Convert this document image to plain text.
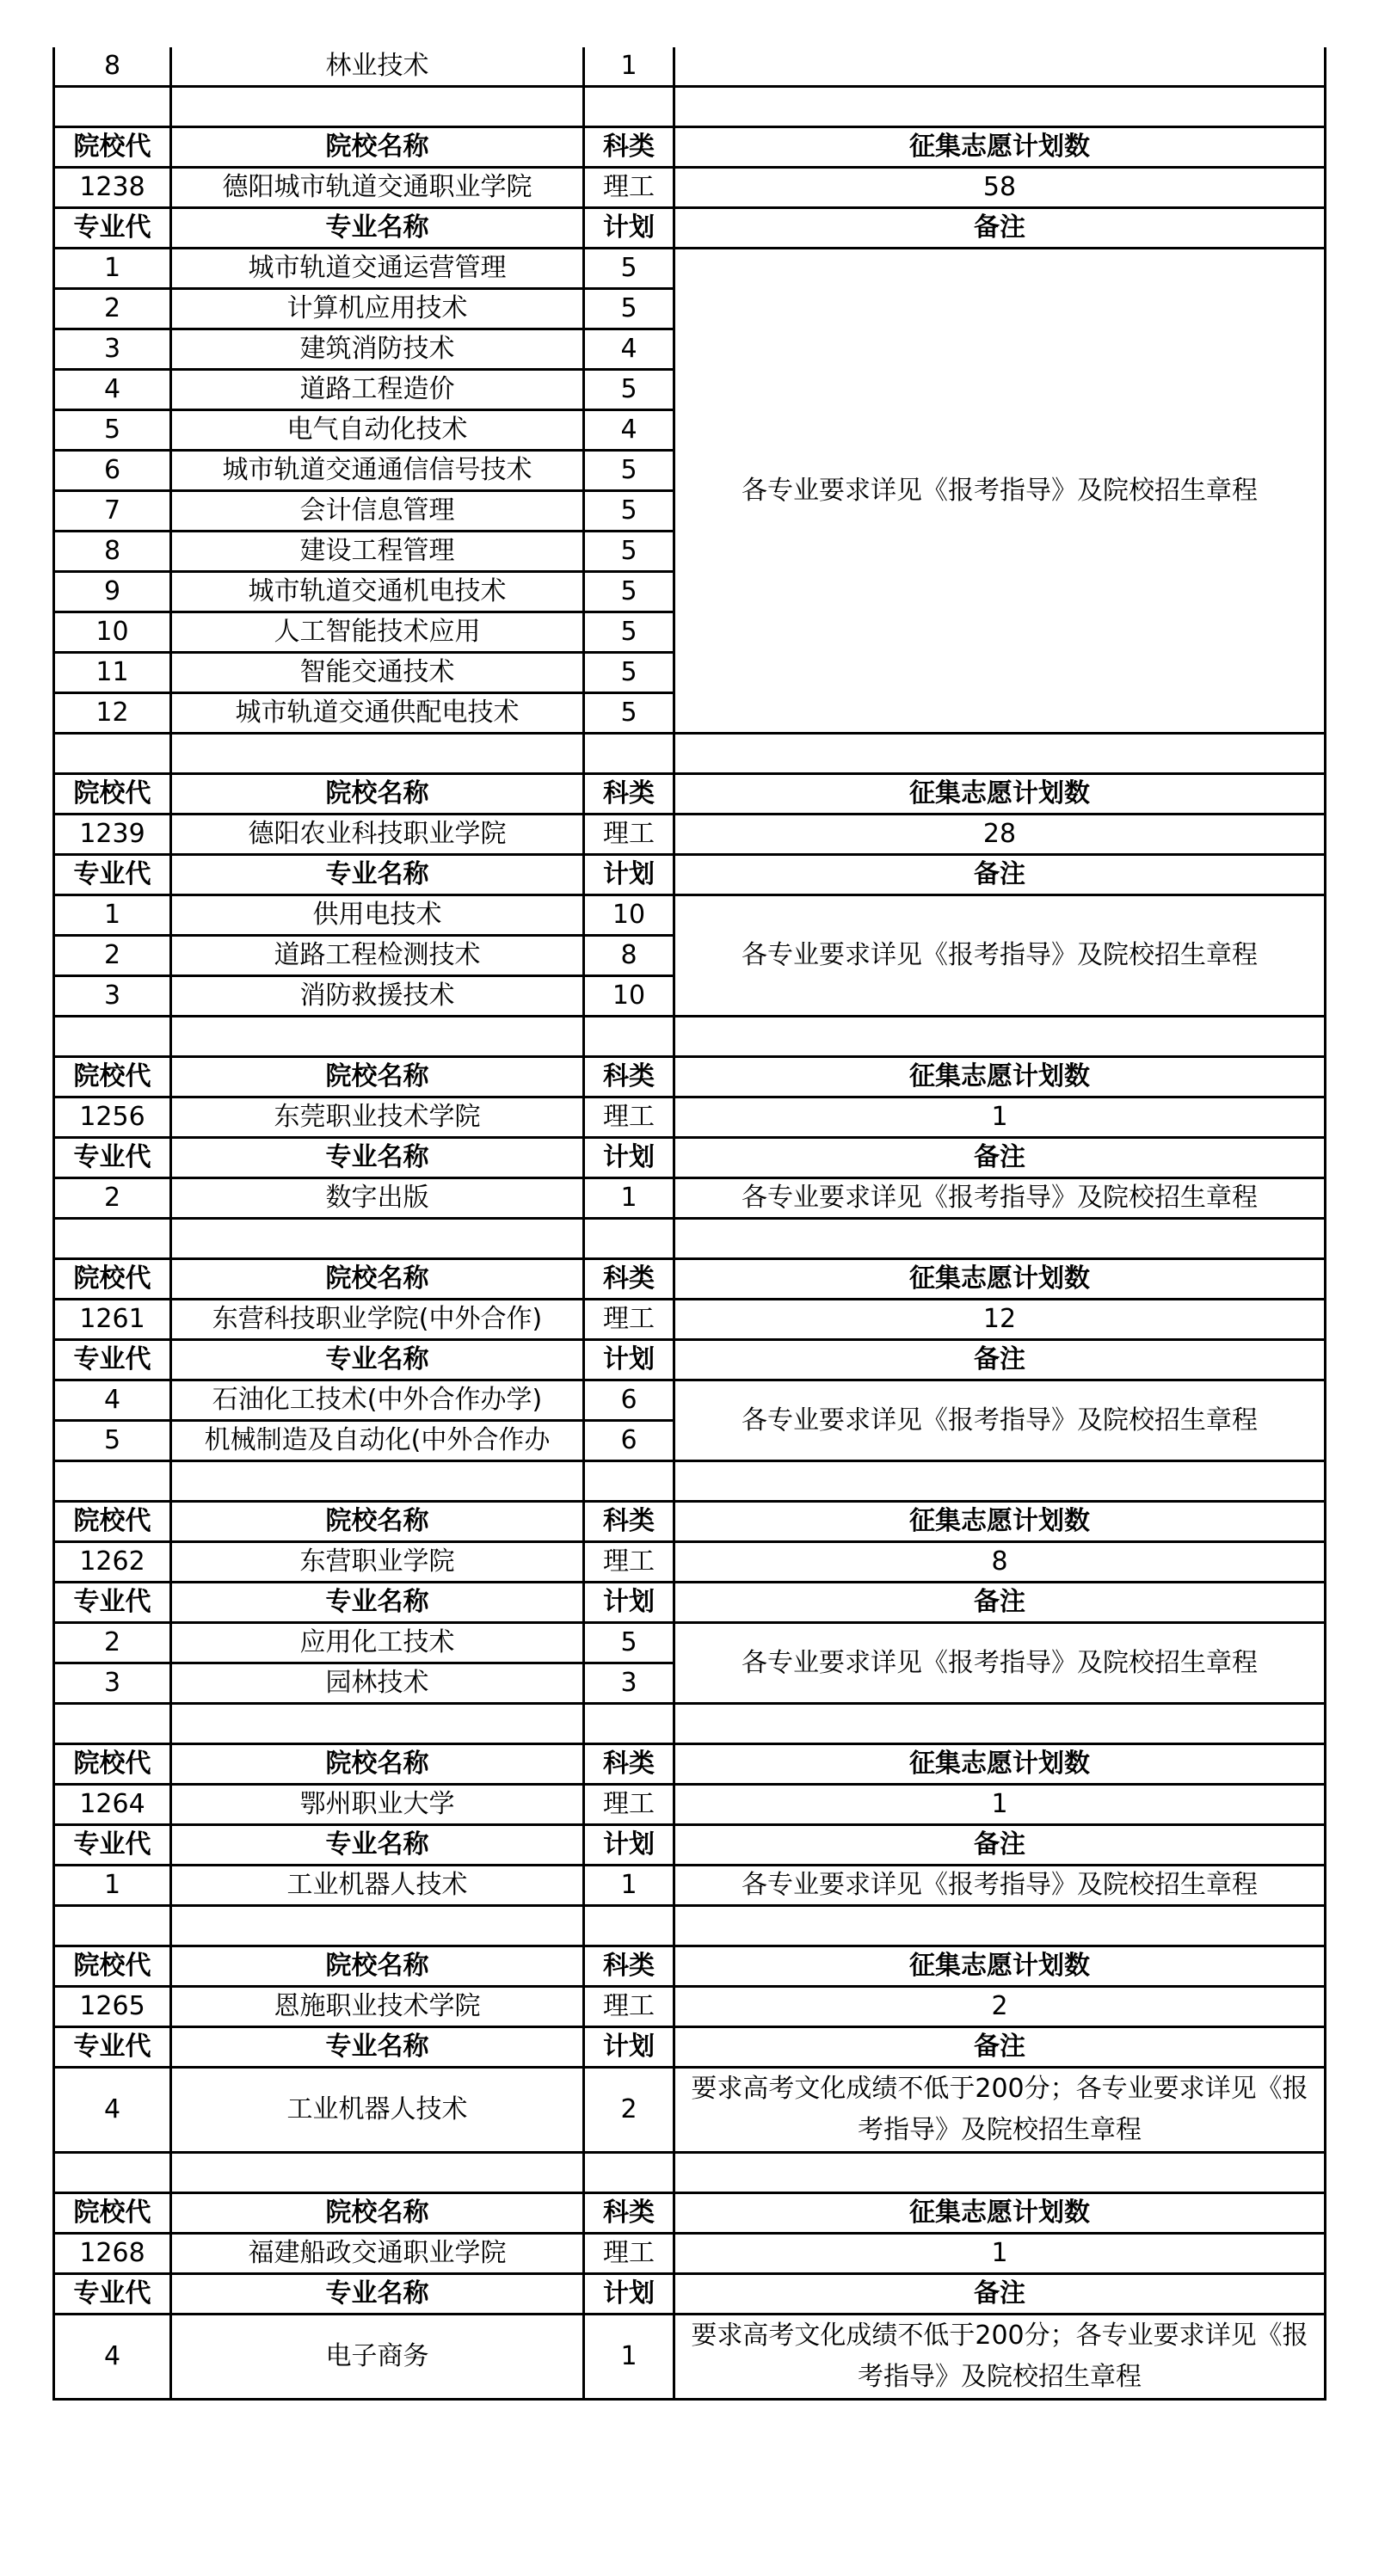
8	林业技术	1	

院校代	院校名称	科类	征集志愿计划数
1238	德阳城市轨道交通职业学院	理工	58
专业代	专业名称	计划	备注
1	城市轨道交通运营管理	5	各专业要求详见《报考指导》及院校招生章程
2	计算机应用技术	5	
3	建筑消防技术	4	
4	道路工程造价	5	
5	电气自动化技术	4	
6	城市轨道交通通信信号技术	5	
7	会计信息管理	5	
8	建设工程管理	5	
9	城市轨道交通机电技术	5	
10	人工智能技术应用	5	
11	智能交通技术	5	
12	城市轨道交通供配电技术	5	

院校代	院校名称	科类	征集志愿计划数
1239	德阳农业科技职业学院	理工	28
专业代	专业名称	计划	备注
1	供用电技术	10	各专业要求详见《报考指导》及院校招生章程
2	道路工程检测技术	8	
3	消防救援技术	10	

院校代	院校名称	科类	征集志愿计划数
1256	东莞职业技术学院	理工	1
专业代	专业名称	计划	备注
2	数字出版	1	各专业要求详见《报考指导》及院校招生章程

院校代	院校名称	科类	征集志愿计划数
1261	东营科技职业学院(中外合作)	理工	12
专业代	专业名称	计划	备注
4	石油化工技术(中外合作办学)	6	各专业要求详见《报考指导》及院校招生章程
5	机械制造及自动化(中外合作办	6	

院校代	院校名称	科类	征集志愿计划数
1262	东营职业学院	理工	8
专业代	专业名称	计划	备注
2	应用化工技术	5	各专业要求详见《报考指导》及院校招生章程
3	园林技术	3	

院校代	院校名称	科类	征集志愿计划数
1264	鄂州职业大学	理工	1
专业代	专业名称	计划	备注
1	工业机器人技术	1	各专业要求详见《报考指导》及院校招生章程

院校代	院校名称	科类	征集志愿计划数
1265	恩施职业技术学院	理工	2
专业代	专业名称	计划	备注
4	工业机器人技术	2	要求高考文化成绩不低于200分；各专业要求详见《报考指导》及院校招生章程

院校代	院校名称	科类	征集志愿计划数
1268	福建船政交通职业学院	理工	1
专业代	专业名称	计划	备注
4	电子商务	1	要求高考文化成绩不低于200分；各专业要求详见《报考指导》及院校招生章程
